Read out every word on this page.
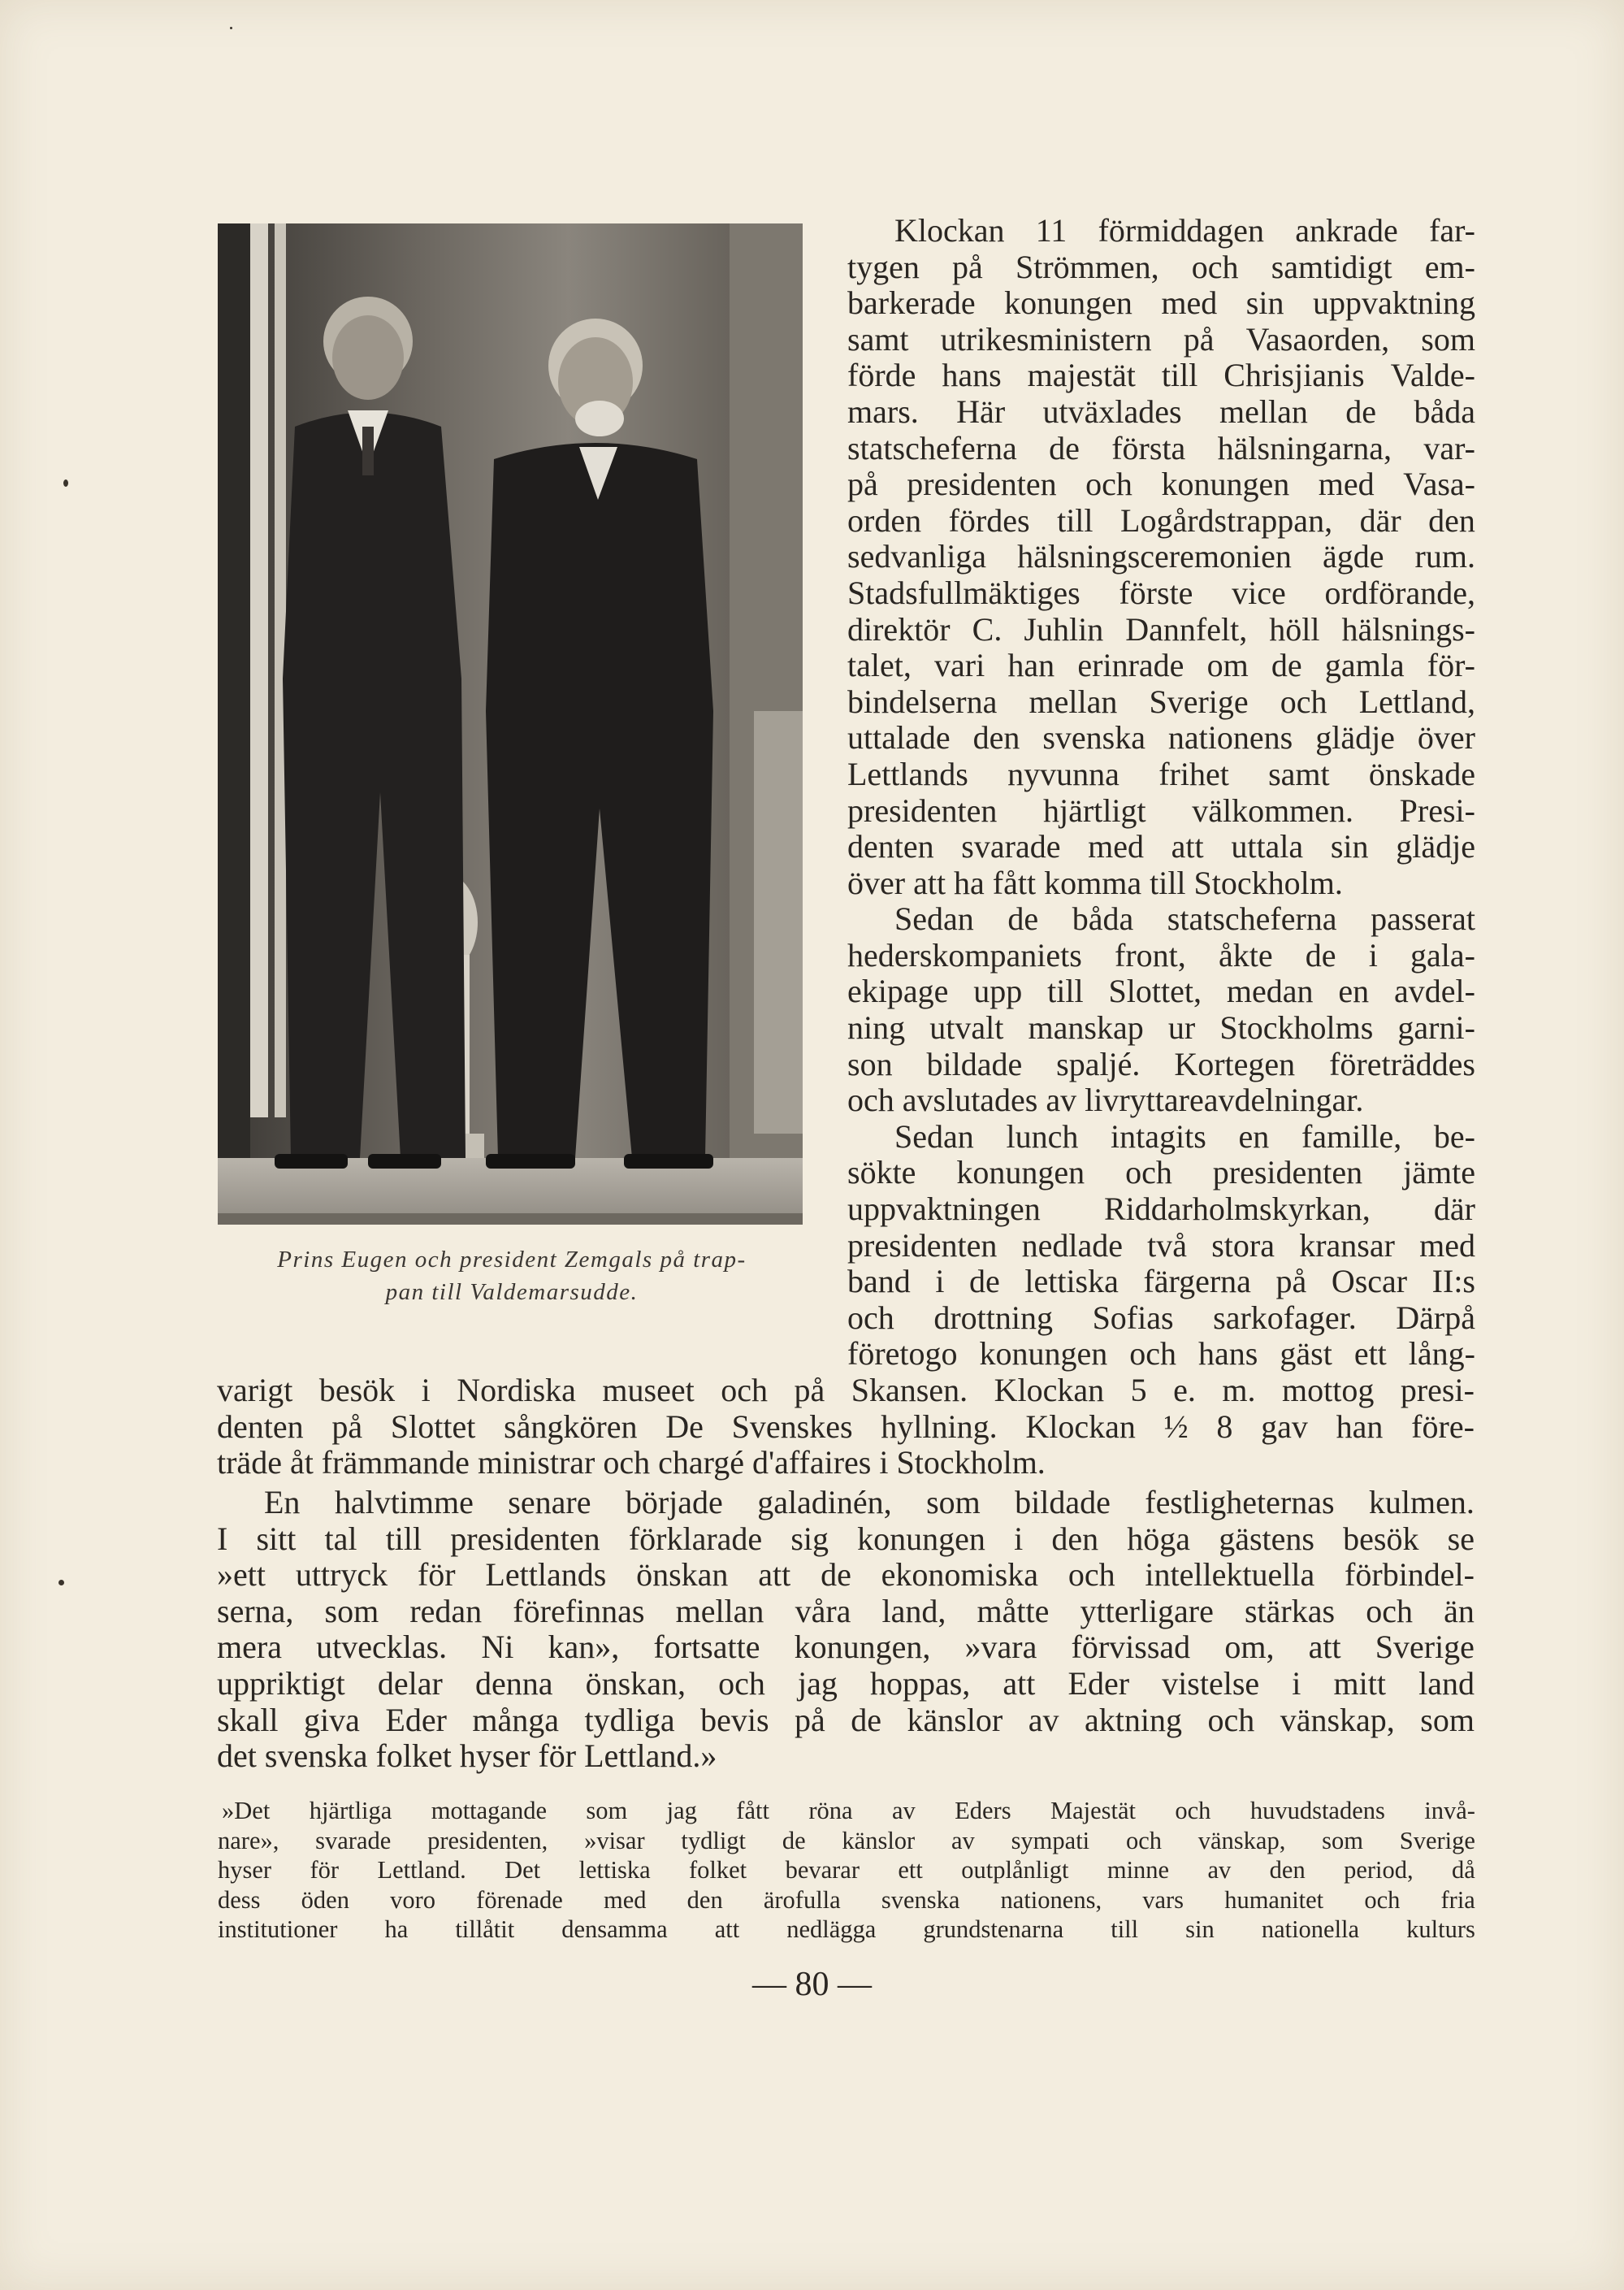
Prins Eugen och president Zemgals på trap-
pan till Valdemarsudde.
Klockan 11 förmiddagen ankrade far-
tygen på Strömmen, och samtidigt em-
barkerade konungen med sin uppvaktning
samt utrikesministern på Vasaorden, som
förde hans majestät till Chrisjianis Valde-
mars. Här utväxlades mellan de båda
statscheferna de första hälsningarna, var-
på presidenten och konungen med Vasa-
orden fördes till Logårdstrappan, där den
sedvanliga hälsningsceremonien ägde rum.
Stadsfullmäktiges förste vice ordförande,
direktör C. Juhlin Dannfelt, höll hälsnings-
talet, vari han erinrade om de gamla för-
bindelserna mellan Sverige och Lettland,
uttalade den svenska nationens glädje över
Lettlands nyvunna frihet samt önskade
presidenten hjärtligt välkommen. Presi-
denten svarade med att uttala sin glädje
över att ha fått komma till Stockholm.
Sedan de båda statscheferna passerat
hederskompaniets front, åkte de i gala-
ekipage upp till Slottet, medan en avdel-
ning utvalt manskap ur Stockholms garni-
son bildade spaljé. Kortegen företräddes
och avslutades av livryttareavdelningar.
Sedan lunch intagits en famille, be-
sökte konungen och presidenten jämte
uppvaktningen Riddarholmskyrkan, där
presidenten nedlade två stora kransar med
band i de lettiska färgerna på Oscar II:s
och drottning Sofias sarkofager. Därpå
företogo konungen och hans gäst ett lång-
varigt besök i Nordiska museet och på Skansen. Klockan 5 e. m. mottog presi-
denten på Slottet sångkören De Svenskes hyllning. Klockan ½ 8 gav han före-
träde åt främmande ministrar och chargé d'affaires i Stockholm.
En halvtimme senare började galadinén, som bildade festligheternas kulmen.
I sitt tal till presidenten förklarade sig konungen i den höga gästens besök se
»ett uttryck för Lettlands önskan att de ekonomiska och intellektuella förbindel-
serna, som redan förefinnas mellan våra land, måtte ytterligare stärkas och än
mera utvecklas. Ni kan», fortsatte konungen, »vara förvissad om, att Sverige
uppriktigt delar denna önskan, och jag hoppas, att Eder vistelse i mitt land
skall giva Eder många tydliga bevis på de känslor av aktning och vänskap, som
det svenska folket hyser för Lettland.»
»Det hjärtliga mottagande som jag fått röna av Eders Majestät och huvudstadens invå-
nare», svarade presidenten, »visar tydligt de känslor av sympati och vänskap, som Sverige
hyser för Lettland. Det lettiska folket bevarar ett outplånligt minne av den period, då
dess öden voro förenade med den ärofulla svenska nationens, vars humanitet och fria
institutioner ha tillåtit densamma att nedlägga grundstenarna till sin nationella kulturs
— 80 —
